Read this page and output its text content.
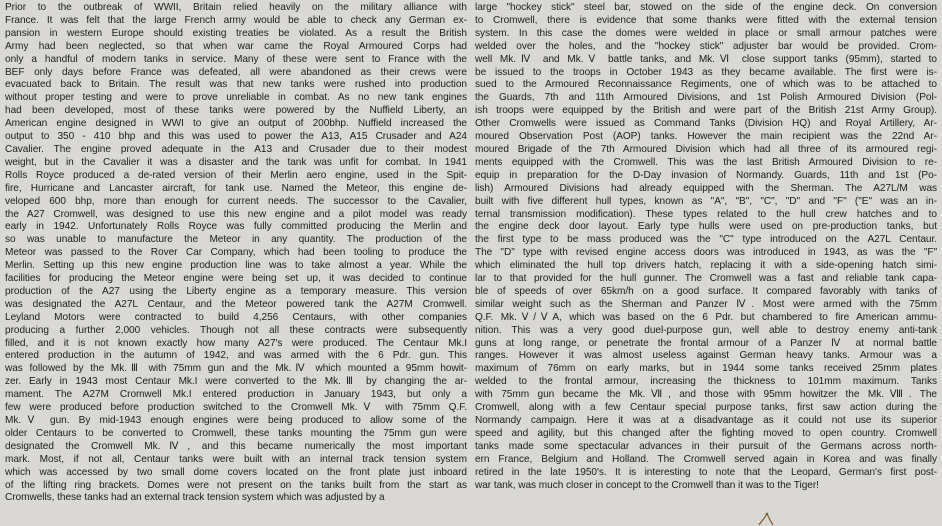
Prior to the outbreak of WWII, Britain relied heavily on the military alliance with
France. It was felt that the large French army would be able to check any German ex-
pansion in western Europe should existing treaties be violated. As a result the British
Army had been neglected, so that when war came the Royal Armoured Corps had
only a handful of modern tanks in service. Many of these were sent to France with the
BEF only days before France was defeated, all were abandoned as their crews were
evacuated back to Britain. The result was that new tanks were rushed into production
without proper testing and were to prove unreliable in combat. As no new tank engines
had been developed, most of these tanks were powered by the Nuffield Liberty, an
American engine designed in WWI to give an output of 200bhp. Nuffield increased the
output to 350 - 410 bhp and this was used to power the A13, A15 Crusader and A24
Cavalier. The engine proved adequate in the A13 and Crusader due to their modest
weight, but in the Cavalier it was a disaster and the tank was unfit for combat. In 1941
Rolls Royce produced a de-rated version of their Merlin aero engine, used in the Spit-
fire, Hurricane and Lancaster aircraft, for tank use. Named the Meteor, this engine de-
veloped 600 bhp, more than enough for current needs. The successor to the Cavalier,
the A27 Cromwell, was designed to use this new engine and a pilot model was ready
early in 1942. Unfortunately Rolls Royce was fully committed producing the Merlin and
so was unable to manufacture the Meteor in any quantity. The production of the
Meteor was passed to the Rover Car Company, which had been tooling to produce the
Merlin. Setting up this new engine production line was to take almost a year. While the
facilities for producing the Meteor engine were being set up, it was decided to continue
production of the A27 using the Liberty engine as a temporary measure. This version
was designated the A27L Centaur, and the Meteor powered tank the A27M Cromwell.
Leyland Motors were contracted to build 4,256 Centaurs, with other companies
producing a further 2,000 vehicles. Though not all these contracts were subsequently
filled, and it is not known exactly how many A27's were produced. The Centaur Mk.I
entered production in the autumn of 1942, and was armed with the 6 Pdr. gun. This
was followed by the Mk.Ⅲ with 75mm gun and the Mk.Ⅳ which mounted a 95mm howit-
zer. Early in 1943 most Centaur Mk.I were converted to the Mk.Ⅲ by changing the ar-
mament. The A27M Cromwell Mk.I entered production in January 1943, but only a
few were produced before production switched to the Cromwell Mk.Ⅴ with 75mm Q.F.
Mk.Ⅴ gun. By mid-1943 enough engines were being produced to allow some of the
older Centaurs to be converted to Cromwell, these tanks mounting the 75mm gun were
designated the Cromwell Mk.Ⅳ, and this became numerically the most important
mark. Most, if not all, Centaur tanks were built with an internal track tension system
which was accessed by two small dome covers located on the front plate just inboard
of the lifting ring brackets. Domes were not present on the tanks built from the start as
Cromwells, these tanks had an external track tension system which was adjusted by a
large "hockey stick" steel bar, stowed on the side of the engine deck. On conversion
to Cromwell, there is evidence that some thanks were fitted with the external tension
system. In this case the domes were welded in place or small armour patches were
welded over the holes, and the "hockey stick" adjuster bar would be provided. Crom-
well Mk.Ⅳ and Mk.Ⅴ battle tanks, and Mk.Ⅵ close support tanks (95mm), started to
be issued to the troops in October 1943 as they became available. The first were is-
sued to the Armoured Reconnaissance Regiments, one of which was to be attached to
the Guards, 7th and 11th Armoured Divisions, and 1st Polish Armoured Division (Pol-
ish troops were equipped by the British and were part of the British 21st Army Group).
Other Cromwells were issued as Command Tanks (Division HQ) and Royal Artillery, Ar-
moured Observation Post (AOP) tanks. However the main recipient was the 22nd Ar-
moured Brigade of the 7th Armoured Division which had all three of its armoured regi-
ments equipped with the Cromwell. This was the last British Armoured Division to re-
equip in preparation for the D-Day invasion of Normandy. Guards, 11th and 1st (Po-
lish) Armoured Divisions had already equipped with the Sherman. The A27L/M was
built with five different hull types, known as "A", "B", "C", "D" and "F" ("E" was an in-
ternal transmission modification). These types related to the hull crew hatches and to
the engine deck door layout. Early type hulls were used on pre-production tanks, but
the first type to be mass produced was the "C" type introduced on the A27L Centaur.
The "D" type with revised engine access doors was introduced in 1943, as was the "F"
which eliminated the hull top drivers hatch, replacing it with a side-opening hatch simi-
lar to that provided for the hull gunner. The Cromwell was a fast and reliable tank capa-
ble of speeds of over 65km/h on a good surface. It compared favorably with tanks of
similar weight such as the Sherman and Panzer Ⅳ. Most were armed with the 75mm
Q.F. Mk.Ⅴ/ⅤA, which was based on the 6 Pdr. but chambered to fire American ammu-
nition. This was a very good duel-purpose gun, well able to destroy enemy anti-tank
guns at long range, or penetrate the frontal armour of a Panzer Ⅳ at normal battle
ranges. However it was almost useless against German heavy tanks. Armour was a
maximum of 76mm on early marks, but in 1944 some tanks received 25mm plates
welded to the frontal armour, increasing the thickness to 101mm maximum. Tanks
with 75mm gun became the Mk.Ⅶ, and those with 95mm howitzer the Mk.Ⅷ. The
Cromwell, along with a few Centaur special purpose tanks, first saw action during the
Normandy campaign. Here it was at a disadvantage as it could not use its superior
speed and agility, but this changed after the fighting moved to open country. Cromwell
tanks made some spectacular advances in their pursuit of the Germans across north-
ern France, Belgium and Holland. The Cromwell served again in Korea and was finally
retired in the late 1950's. It is interesting to note that the Leopard, German's first post-
war tank, was much closer in concept to the Cromwell than it was to the Tiger!
